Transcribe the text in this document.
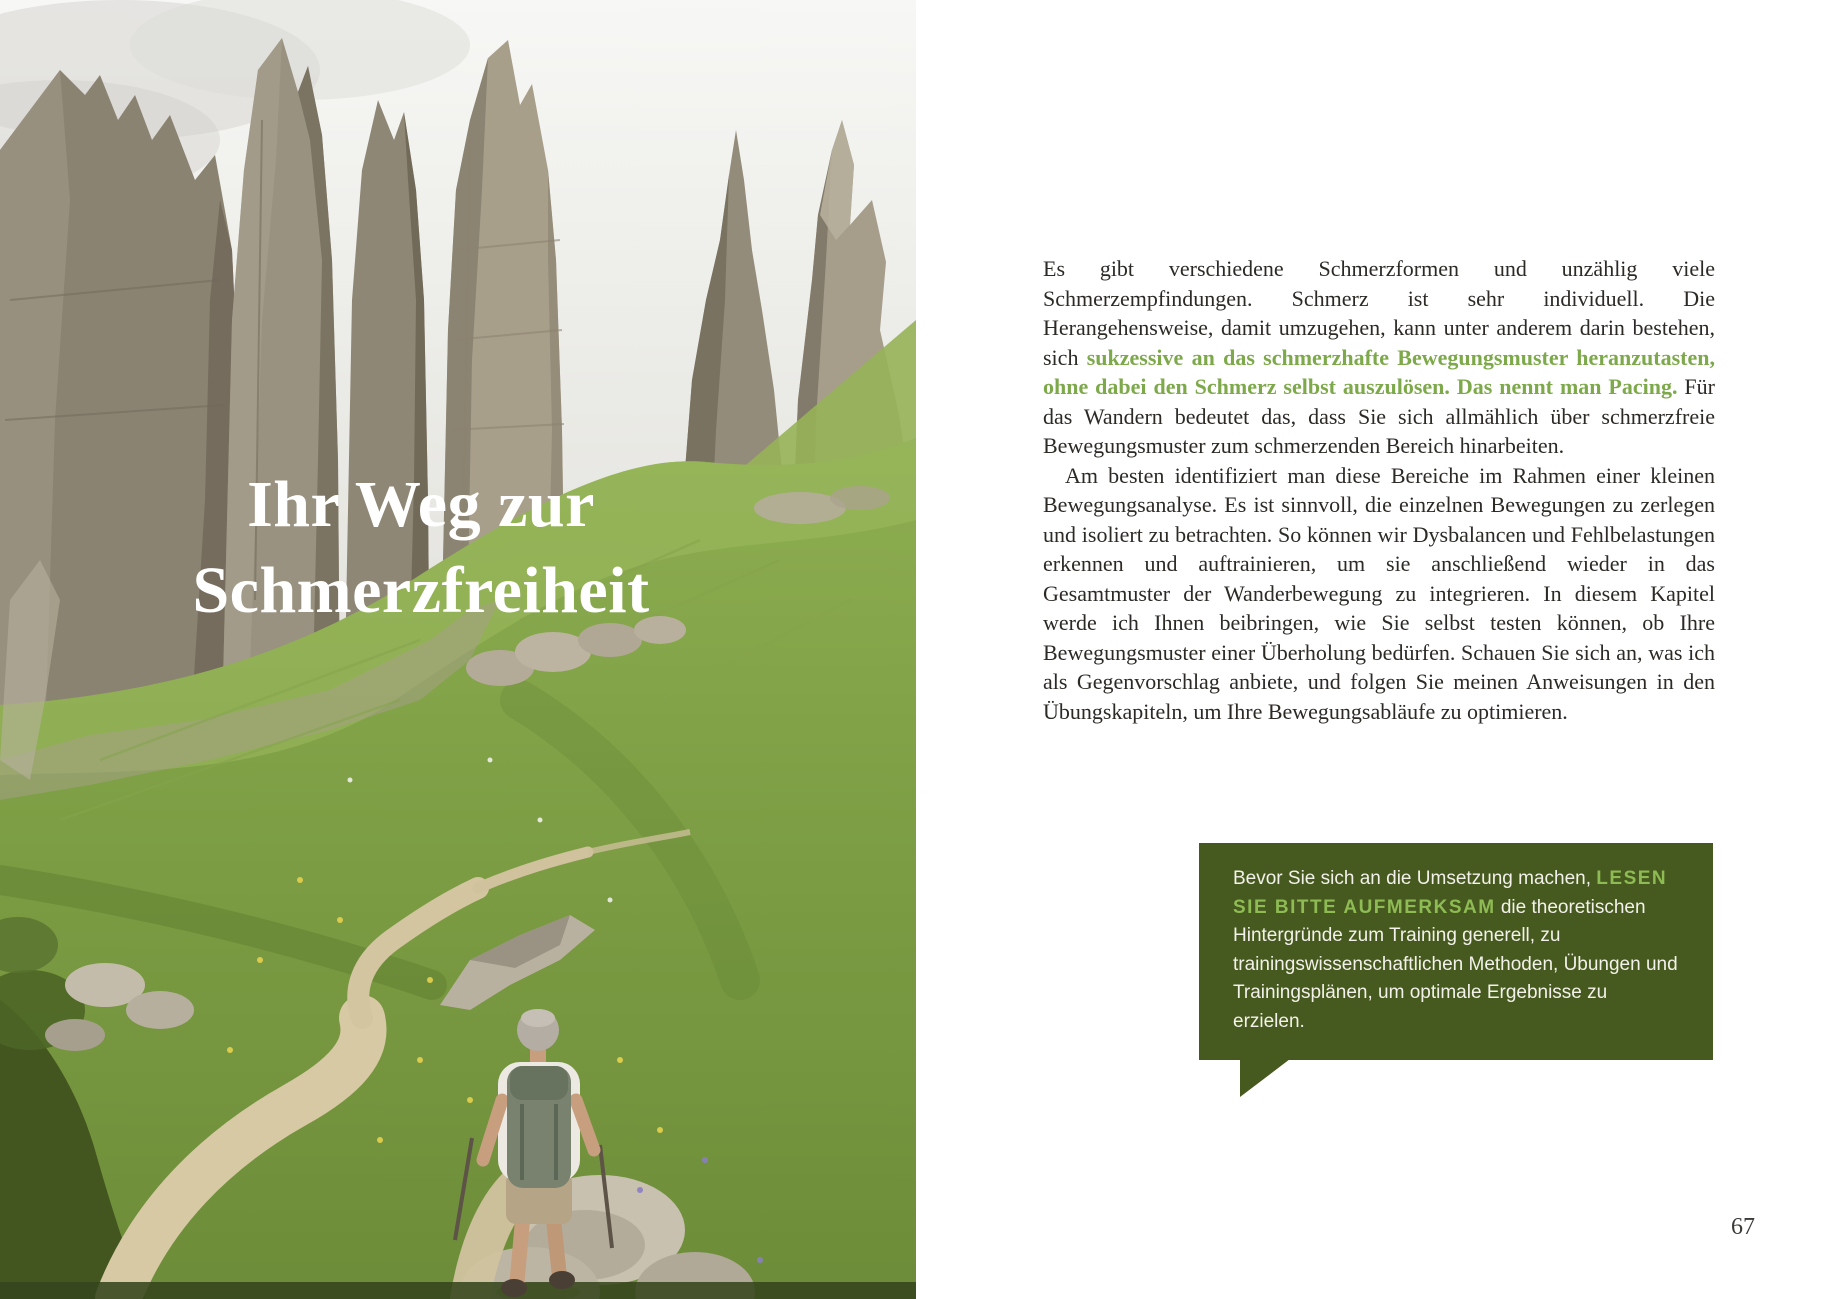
Ihr Weg zur
Schmerzfreiheit

Es gibt verschiedene Schmerzformen und unzählig viele Schmerzempfindungen. Schmerz ist sehr individuell. Die Herangehensweise, damit umzugehen, kann unter anderem darin bestehen, sich sukzessive an das schmerzhafte Bewegungsmuster heranzutasten, ohne dabei den Schmerz selbst auszulösen. Das nennt man Pacing. Für das Wandern bedeutet das, dass Sie sich allmählich über schmerzfreie Bewegungsmuster zum schmerzenden Bereich hinarbeiten.

Am besten identifiziert man diese Bereiche im Rahmen einer kleinen Bewegungsanalyse. Es ist sinnvoll, die einzelnen Bewegungen zu zerlegen und isoliert zu betrachten. So können wir Dysbalancen und Fehlbelastungen erkennen und auftrainieren, um sie anschließend wieder in das Gesamtmuster der Wanderbewegung zu integrieren. In diesem Kapitel werde ich Ihnen beibringen, wie Sie selbst testen können, ob Ihre Bewegungsmuster einer Überholung bedürfen. Schauen Sie sich an, was ich als Gegenvorschlag anbiete, und folgen Sie meinen Anweisungen in den Übungskapiteln, um Ihre Bewegungsabläufe zu optimieren.

Bevor Sie sich an die Umsetzung machen, LESEN SIE BITTE AUFMERKSAM die theoretischen Hintergründe zum Training generell, zu trainingswissenschaftlichen Methoden, Übungen und Trainingsplänen, um optimale Ergebnisse zu erzielen.
67
